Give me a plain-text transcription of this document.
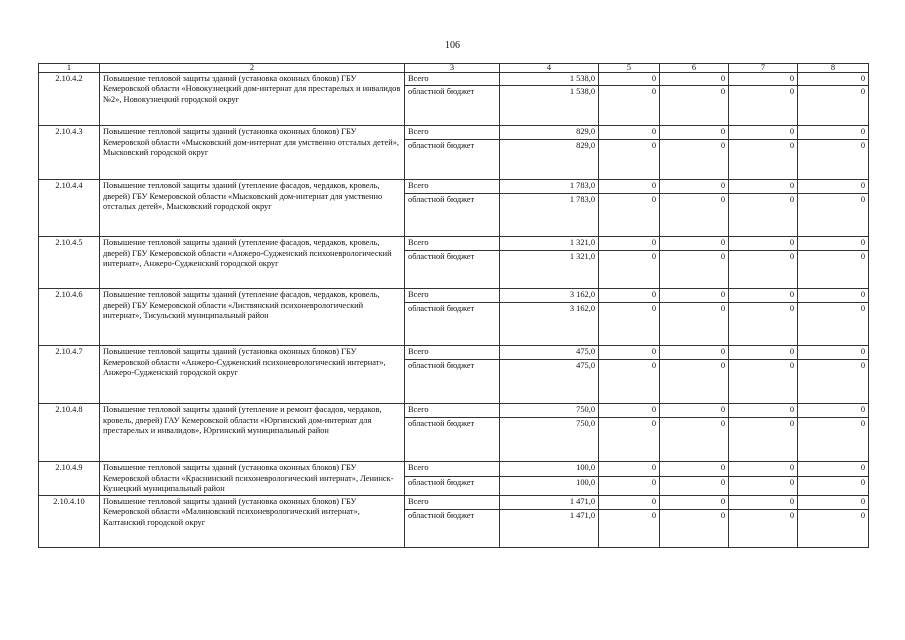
106
1	2	3	4	5	6	7	8
2.10.4.2	Повышение тепловой защиты зданий (установка оконных блоков) ГБУ Кемеровской области «Новокузнецкий дом-интернат для престарелых и инвалидов №2», Новокузнецкий городской округ	Всего	1 538,0	0	0	0	0
		областной бюджет	1 538,0	0	0	0	0
2.10.4.3	Повышение тепловой защиты зданий (установка оконных блоков) ГБУ Кемеровской области «Мысковский дом-интернат для умственно отсталых детей», Мысковский городской округ	Всего	829,0	0	0	0	0
		областной бюджет	829,0	0	0	0	0
2.10.4.4	Повышение тепловой защиты зданий (утепление фасадов, чердаков, кровель, дверей) ГБУ Кемеровской области «Мысковский дом-интернат для умственно отсталых детей», Мысковский городской округ	Всего	1 783,0	0	0	0	0
		областной бюджет	1 783,0	0	0	0	0
2.10.4.5	Повышение тепловой защиты зданий (утепление фасадов, чердаков, кровель, дверей) ГБУ Кемеровской области «Анжеро-Судженский психоневрологический интернат», Анжеро-Судженский городской округ	Всего	1 321,0	0	0	0	0
		областной бюджет	1 321,0	0	0	0	0
2.10.4.6	Повышение тепловой защиты зданий (утепление фасадов, чердаков, кровель, дверей) ГБУ Кемеровской области «Листвянский психоневрологический интернат», Тисульский муниципальный район	Всего	3 162,0	0	0	0	0
		областной бюджет	3 162,0	0	0	0	0
2.10.4.7	Повышение тепловой защиты зданий (установка оконных блоков) ГБУ Кемеровской области «Анжеро-Судженский психоневрологический интернат», Анжеро-Судженский городской округ	Всего	475,0	0	0	0	0
		областной бюджет	475,0	0	0	0	0
2.10.4.8	Повышение тепловой защиты зданий (утепление и ремонт фасадов, чердаков, кровель, дверей) ГАУ Кемеровской области «Юргинский дом-интернат для престарелых и инвалидов», Юргинский муниципальный район	Всего	750,0	0	0	0	0
		областной бюджет	750,0	0	0	0	0
2.10.4.9	Повышение тепловой защиты зданий (установка оконных блоков) ГБУ Кемеровской области «Краснинский психоневрологический интернат», Ленинск-Кузнецкий муниципальный район	Всего	100,0	0	0	0	0
		областной бюджет	100,0	0	0	0	0
2.10.4.10	Повышение тепловой защиты зданий (установка оконных блоков) ГБУ Кемеровской области «Малиновский психоневрологический интернат», Калтанский городской округ	Всего	1 471,0	0	0	0	0
		областной бюджет	1 471,0	0	0	0	0
